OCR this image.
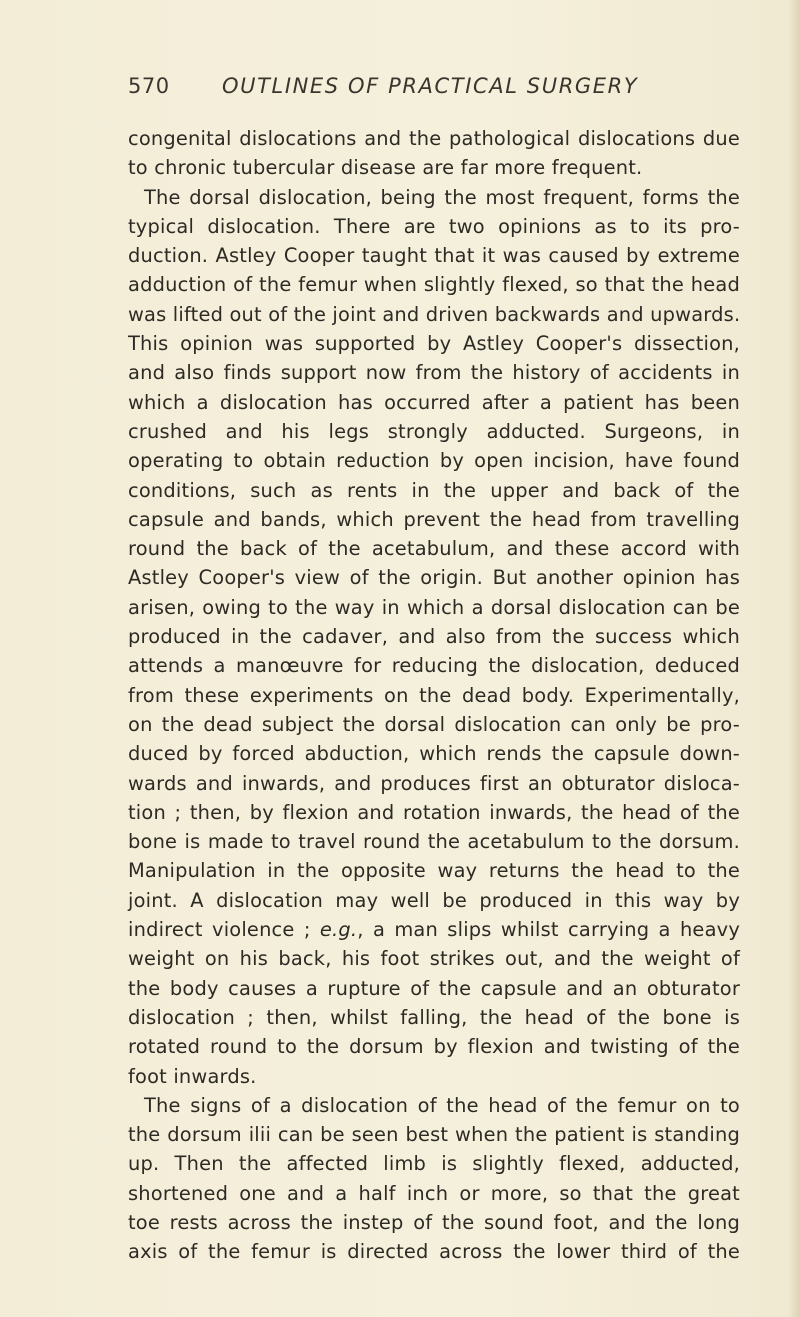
570 OUTLINES OF PRACTICAL SURGERY
congenital dislocations and the pathological dislocations due
to chronic tubercular disease are far more frequent.
The dorsal dislocation, being the most frequent, forms the
typical dislocation. There are two opinions as to its pro-
duction. Astley Cooper taught that it was caused by extreme
adduction of the femur when slightly flexed, so that the head
was lifted out of the joint and driven backwards and upwards.
This opinion was supported by Astley Cooper's dissection,
and also finds support now from the history of accidents in
which a dislocation has occurred after a patient has been
crushed and his legs strongly adducted. Surgeons, in
operating to obtain reduction by open incision, have found
conditions, such as rents in the upper and back of the
capsule and bands, which prevent the head from travelling
round the back of the acetabulum, and these accord with
Astley Cooper's view of the origin. But another opinion has
arisen, owing to the way in which a dorsal dislocation can be
produced in the cadaver, and also from the success which
attends a manœuvre for reducing the dislocation, deduced
from these experiments on the dead body. Experimentally,
on the dead subject the dorsal dislocation can only be pro-
duced by forced abduction, which rends the capsule down-
wards and inwards, and produces first an obturator disloca-
tion ; then, by flexion and rotation inwards, the head of the
bone is made to travel round the acetabulum to the dorsum.
Manipulation in the opposite way returns the head to the
joint. A dislocation may well be produced in this way by
indirect violence ; e.g., a man slips whilst carrying a heavy
weight on his back, his foot strikes out, and the weight of
the body causes a rupture of the capsule and an obturator
dislocation ; then, whilst falling, the head of the bone is
rotated round to the dorsum by flexion and twisting of the
foot inwards.
The signs of a dislocation of the head of the femur on to
the dorsum ilii can be seen best when the patient is standing
up. Then the affected limb is slightly flexed, adducted,
shortened one and a half inch or more, so that the great
toe rests across the instep of the sound foot, and the long
axis of the femur is directed across the lower third of the
